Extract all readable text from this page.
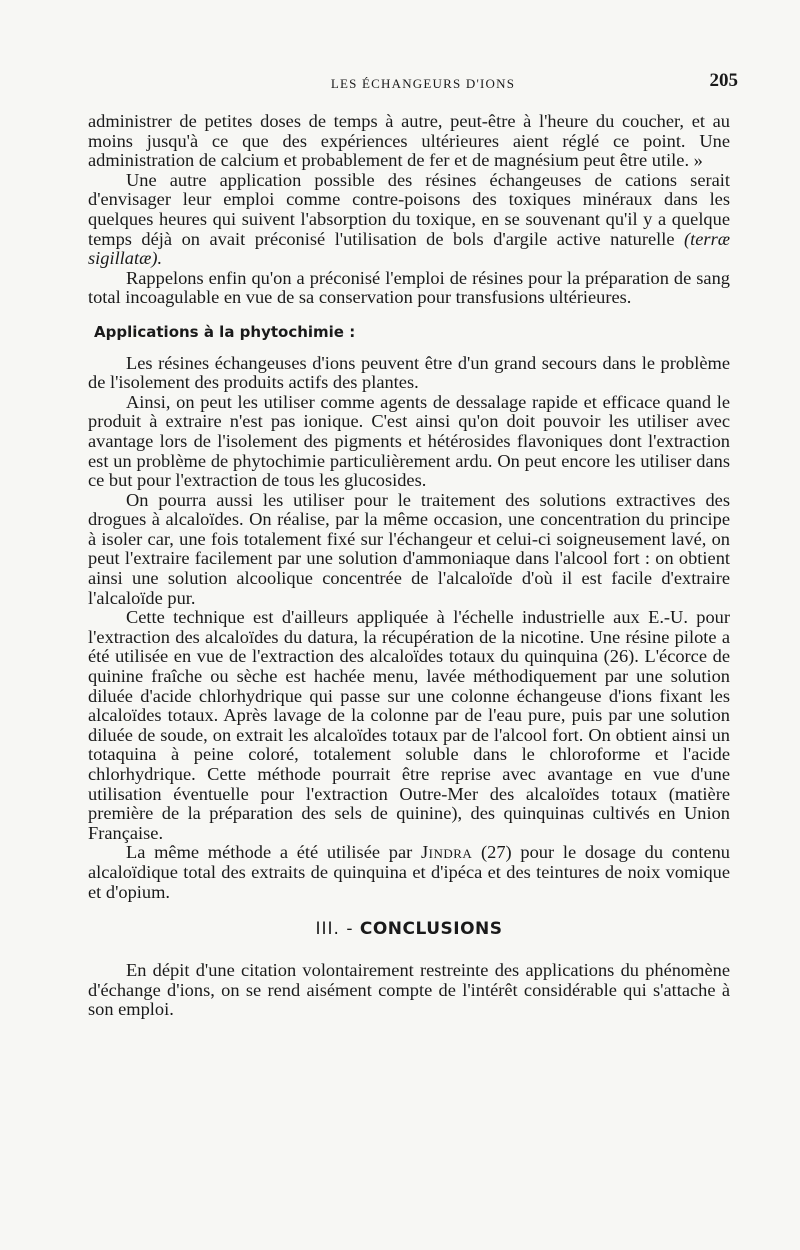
LES ÉCHANGEURS D'IONS	205

administrer de petites doses de temps à autre, peut-être à l'heure du coucher, et au moins jusqu'à ce que des expériences ultérieures aient réglé ce point. Une administration de calcium et probablement de fer et de magnésium peut être utile. »

Une autre application possible des résines échangeuses de cations serait d'envisager leur emploi comme contre-poisons des toxiques minéraux dans les quelques heures qui suivent l'absorption du toxique, en se souvenant qu'il y a quelque temps déjà on avait préconisé l'utilisation de bols d'argile active naturelle (terræ sigillatæ).

Rappelons enfin qu'on a préconisé l'emploi de résines pour la préparation de sang total incoagulable en vue de sa conservation pour transfusions ultérieures.

Applications à la phytochimie :

Les résines échangeuses d'ions peuvent être d'un grand secours dans le problème de l'isolement des produits actifs des plantes.

Ainsi, on peut les utiliser comme agents de dessalage rapide et efficace quand le produit à extraire n'est pas ionique. C'est ainsi qu'on doit pouvoir les utiliser avec avantage lors de l'isolement des pigments et hétérosides flavoniques dont l'extraction est un problème de phytochimie particulièrement ardu. On peut encore les utiliser dans ce but pour l'extraction de tous les glucosides.

On pourra aussi les utiliser pour le traitement des solutions extractives des drogues à alcaloïdes. On réalise, par la même occasion, une concentration du principe à isoler car, une fois totalement fixé sur l'échangeur et celui-ci soigneusement lavé, on peut l'extraire facilement par une solution d'ammoniaque dans l'alcool fort : on obtient ainsi une solution alcoolique concentrée de l'alcaloïde d'où il est facile d'extraire l'alcaloïde pur.

Cette technique est d'ailleurs appliquée à l'échelle industrielle aux E.-U. pour l'extraction des alcaloïdes du datura, la récupération de la nicotine. Une résine pilote a été utilisée en vue de l'extraction des alcaloïdes totaux du quinquina (26). L'écorce de quinine fraîche ou sèche est hachée menu, lavée méthodiquement par une solution diluée d'acide chlorhydrique qui passe sur une colonne échangeuse d'ions fixant les alcaloïdes totaux. Après lavage de la colonne par de l'eau pure, puis par une solution diluée de soude, on extrait les alcaloïdes totaux par de l'alcool fort. On obtient ainsi un totaquina à peine coloré, totalement soluble dans le chloroforme et l'acide chlorhydrique. Cette méthode pourrait être reprise avec avantage en vue d'une utilisation éventuelle pour l'extraction Outre-Mer des alcaloïdes totaux (matière première de la préparation des sels de quinine), des quinquinas cultivés en Union Française.

La même méthode a été utilisée par Jindra (27) pour le dosage du contenu alcaloïdique total des extraits de quinquina et d'ipéca et des teintures de noix vomique et d'opium.

III. - CONCLUSIONS

En dépit d'une citation volontairement restreinte des applications du phénomène d'échange d'ions, on se rend aisément compte de l'intérêt considérable qui s'attache à son emploi.
